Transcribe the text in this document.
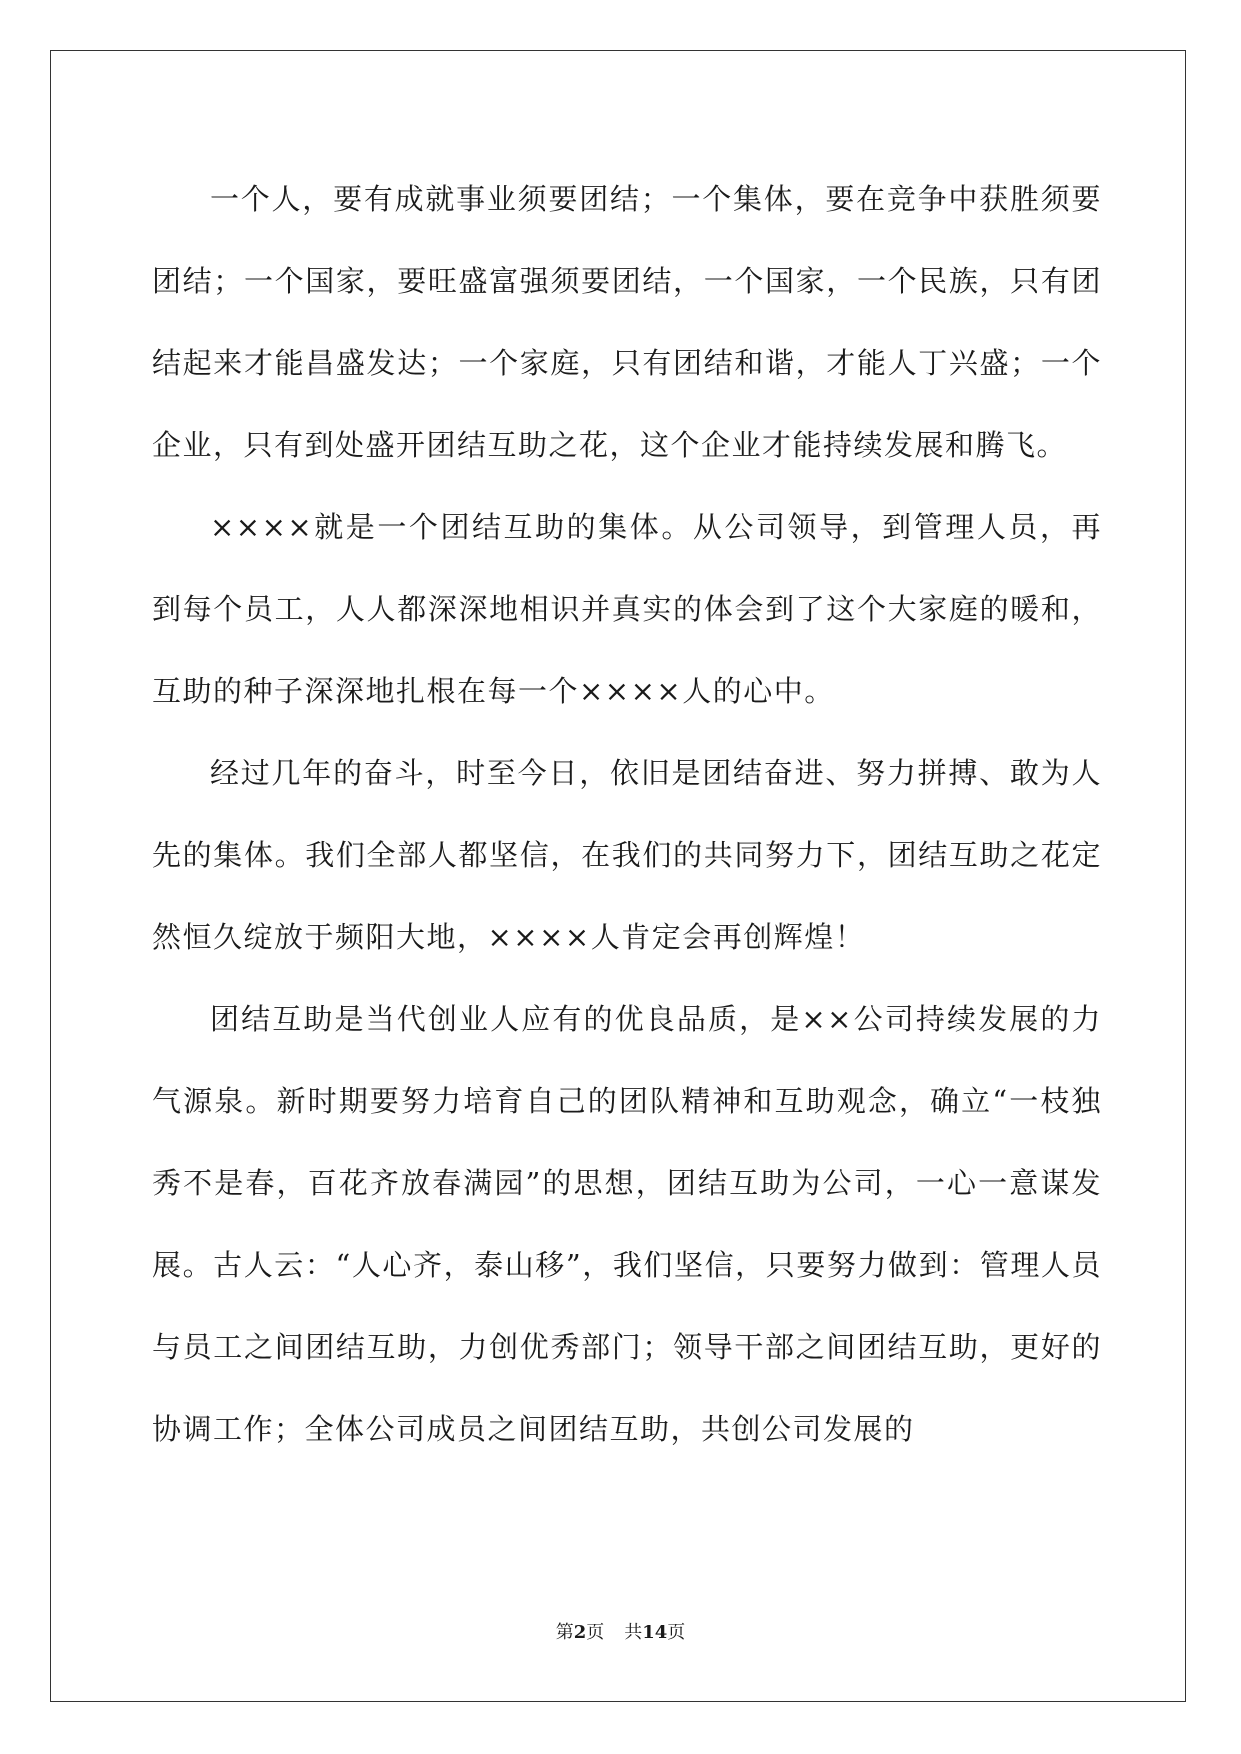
一个人，要有成就事业须要团结；一个集体，要在竞争中获胜须要团结；一个国家，要旺盛富强须要团结，一个国家，一个民族，只有团结起来才能昌盛发达；一个家庭，只有团结和谐，才能人丁兴盛；一个企业，只有到处盛开团结互助之花，这个企业才能持续发展和腾飞。

××××就是一个团结互助的集体。从公司领导，到管理人员，再到每个员工，人人都深深地相识并真实的体会到了这个大家庭的暖和，互助的种子深深地扎根在每一个××××人的心中。

经过几年的奋斗，时至今日，依旧是团结奋进、努力拼搏、敢为人先的集体。我们全部人都坚信，在我们的共同努力下，团结互助之花定然恒久绽放于频阳大地，××××人肯定会再创辉煌！

团结互助是当代创业人应有的优良品质，是××公司持续发展的力气源泉。新时期要努力培育自己的团队精神和互助观念，确立“一枝独秀不是春，百花齐放春满园”的思想，团结互助为公司，一心一意谋发展。古人云：“人心齐，泰山移”，我们坚信，只要努力做到：管理人员与员工之间团结互助，力创优秀部门；领导干部之间团结互助，更好的协调工作；全体公司成员之间团结互助，共创公司发展的

第2页 共14页
